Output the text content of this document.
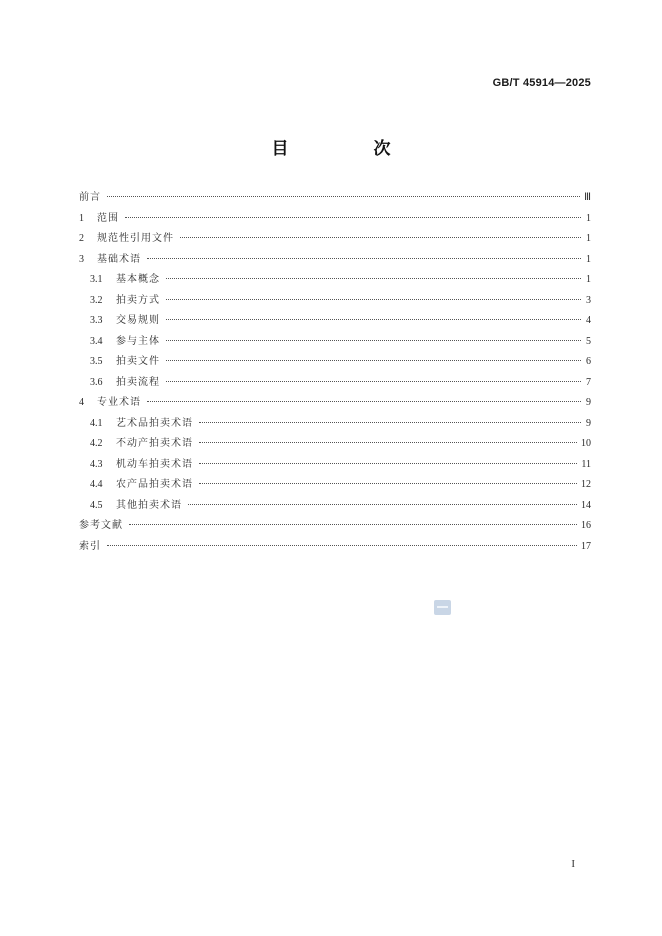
GB/T 45914—2025
目　次
前言	Ⅲ
1	范围	1
2	规范性引用文件	1
3	基础术语	1
3.1	基本概念	1
3.2	拍卖方式	3
3.3	交易规则	4
3.4	参与主体	5
3.5	拍卖文件	6
3.6	拍卖流程	7
4	专业术语	9
4.1	艺术品拍卖术语	9
4.2	不动产拍卖术语	10
4.3	机动车拍卖术语	11
4.4	农产品拍卖术语	12
4.5	其他拍卖术语	14
参考文献	16
索引	17
I
